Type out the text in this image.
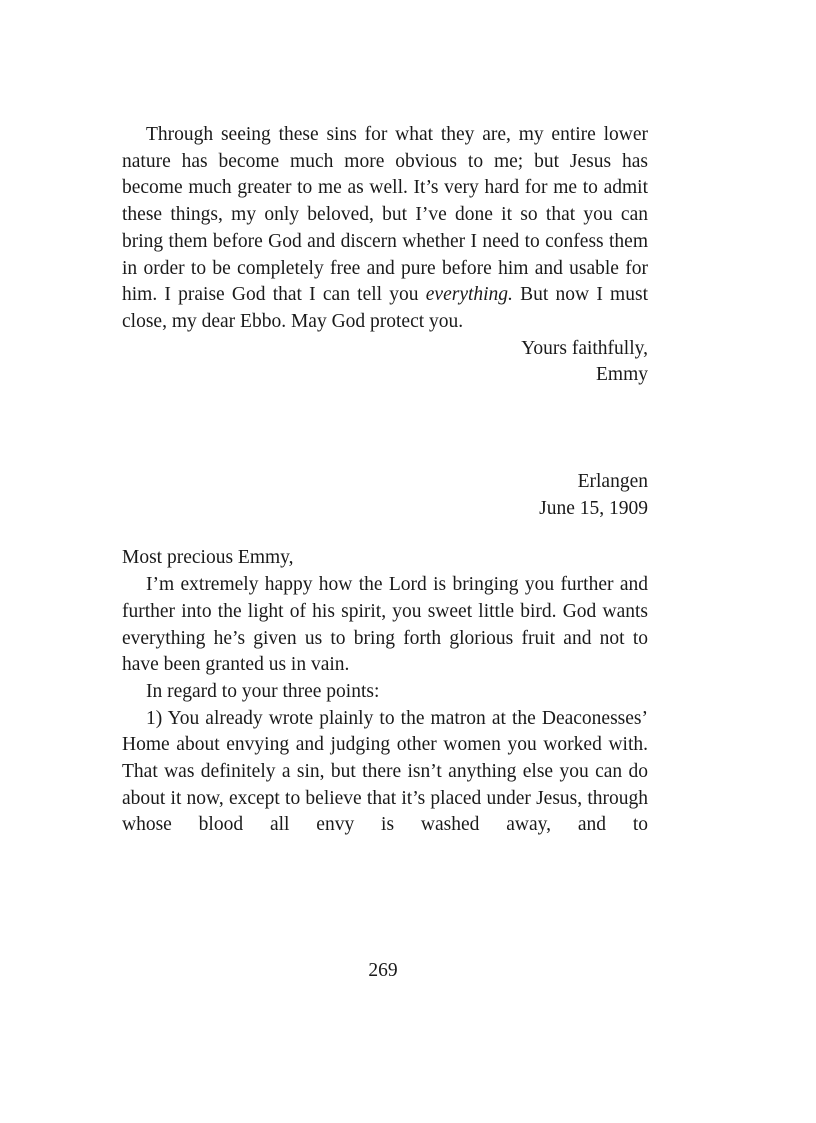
Through seeing these sins for what they are, my entire lower nature has become much more obvious to me; but Jesus has become much greater to me as well. It’s very hard for me to admit these things, my only beloved, but I’ve done it so that you can bring them before God and discern whether I need to confess them in order to be completely free and pure before him and usable for him. I praise God that I can tell you everything. But now I must close, my dear Ebbo. May God protect you.

Yours faithfully,

Emmy

Erlangen

June 15, 1909

Most precious Emmy,

I’m extremely happy how the Lord is bringing you further and further into the light of his spirit, you sweet little bird. God wants everything he’s given us to bring forth glorious fruit and not to have been granted us in vain.

In regard to your three points:

1) You already wrote plainly to the matron at the Deaconesses’ Home about envying and judging other women you worked with. That was definitely a sin, but there isn’t anything else you can do about it now, except to believe that it’s placed under Jesus, through whose blood all envy is washed away, and to

269
